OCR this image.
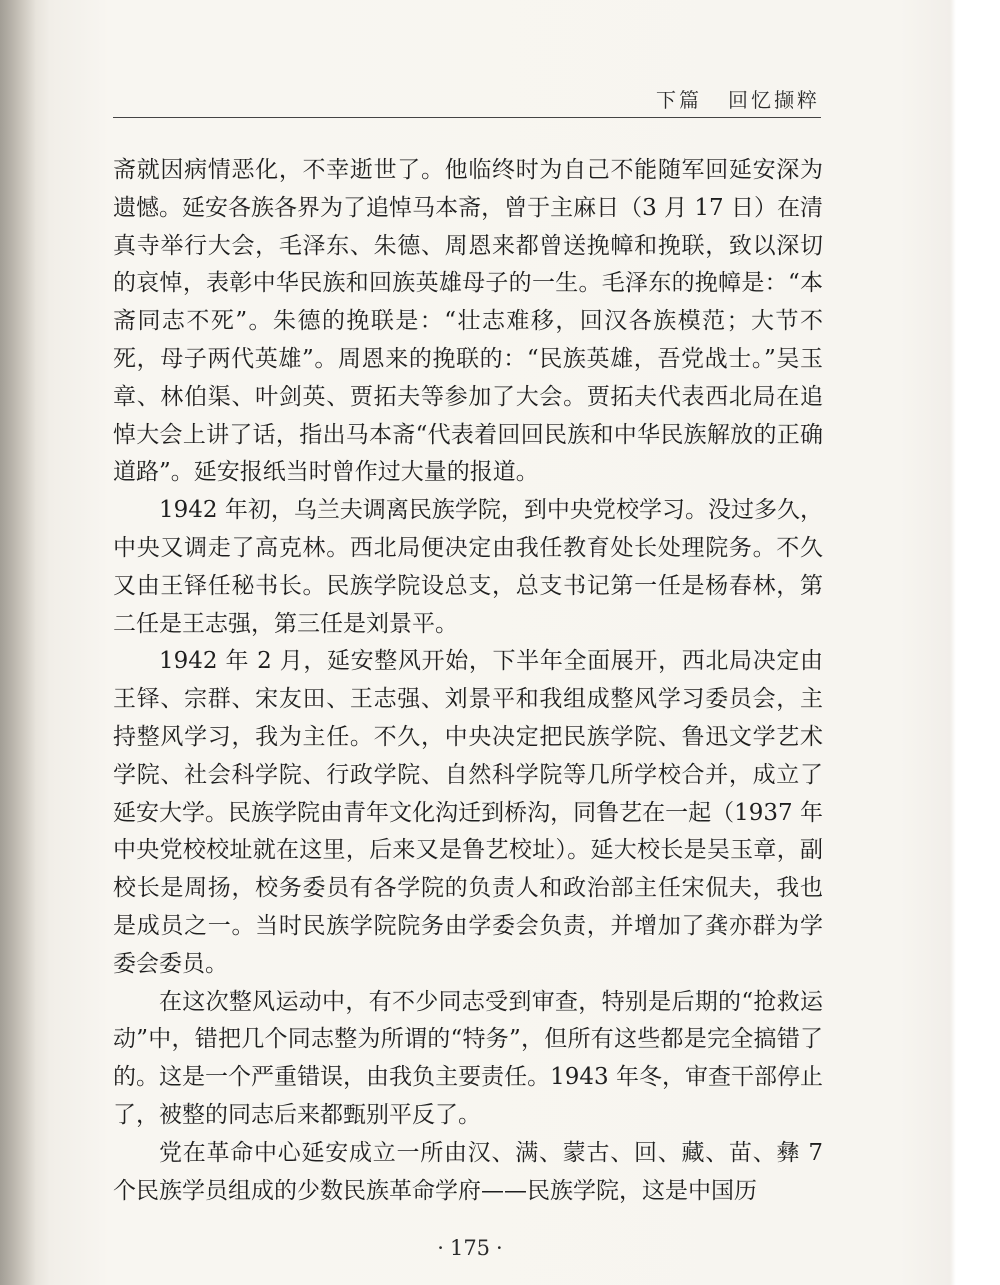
下篇 回忆撷粹

斋就因病情恶化，不幸逝世了。他临终时为自己不能随军回延安深为遗憾。延安各族各界为了追悼马本斋，曾于主麻日（3 月 17 日）在清真寺举行大会，毛泽东、朱德、周恩来都曾送挽幛和挽联，致以深切的哀悼，表彰中华民族和回族英雄母子的一生。毛泽东的挽幛是：“本斋同志不死”。朱德的挽联是：“壮志难移，回汉各族模范；大节不死，母子两代英雄”。周恩来的挽联的：“民族英雄，吾党战士。”吴玉章、林伯渠、叶剑英、贾拓夫等参加了大会。贾拓夫代表西北局在追悼大会上讲了话，指出马本斋“代表着回回民族和中华民族解放的正确道路”。延安报纸当时曾作过大量的报道。

1942 年初，乌兰夫调离民族学院，到中央党校学习。没过多久，中央又调走了高克林。西北局便决定由我任教育处长处理院务。不久又由王铎任秘书长。民族学院设总支，总支书记第一任是杨春林，第二任是王志强，第三任是刘景平。

1942 年 2 月，延安整风开始，下半年全面展开，西北局决定由王铎、宗群、宋友田、王志强、刘景平和我组成整风学习委员会，主持整风学习，我为主任。不久，中央决定把民族学院、鲁迅文学艺术学院、社会科学院、行政学院、自然科学院等几所学校合并，成立了延安大学。民族学院由青年文化沟迁到桥沟，同鲁艺在一起（1937 年中央党校校址就在这里，后来又是鲁艺校址）。延大校长是吴玉章，副校长是周扬，校务委员有各学院的负责人和政治部主任宋侃夫，我也是成员之一。当时民族学院院务由学委会负责，并增加了龚亦群为学委会委员。

在这次整风运动中，有不少同志受到审查，特别是后期的“抢救运动”中，错把几个同志整为所谓的“特务”，但所有这些都是完全搞错了的。这是一个严重错误，由我负主要责任。1943 年冬，审查干部停止了，被整的同志后来都甄别平反了。

党在革命中心延安成立一所由汉、满、蒙古、回、藏、苗、彝 7 个民族学员组成的少数民族革命学府——民族学院，这是中国历

· 175 ·
